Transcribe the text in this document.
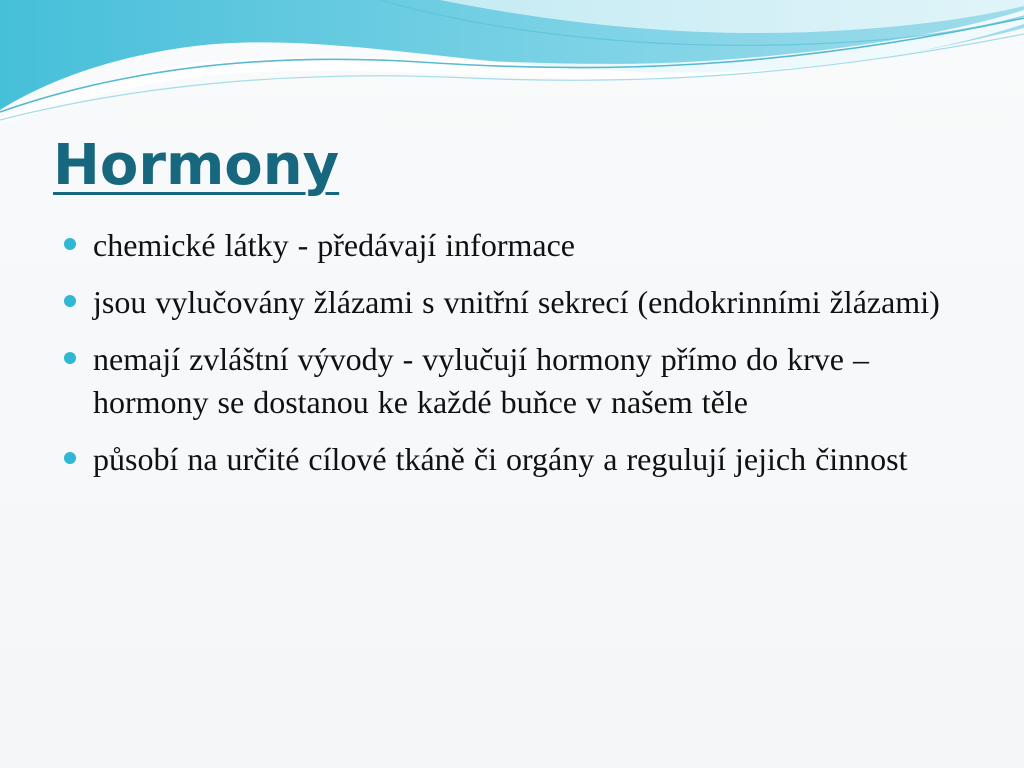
Hormony
chemické látky - předávají informace
jsou vylučovány žlázami s vnitřní sekrecí (endokrinními žlázami)
nemají zvláštní vývody - vylučují hormony přímo do krve – hormony se dostanou ke každé buňce v našem těle
působí na určité cílové tkáně či orgány a regulují jejich činnost
